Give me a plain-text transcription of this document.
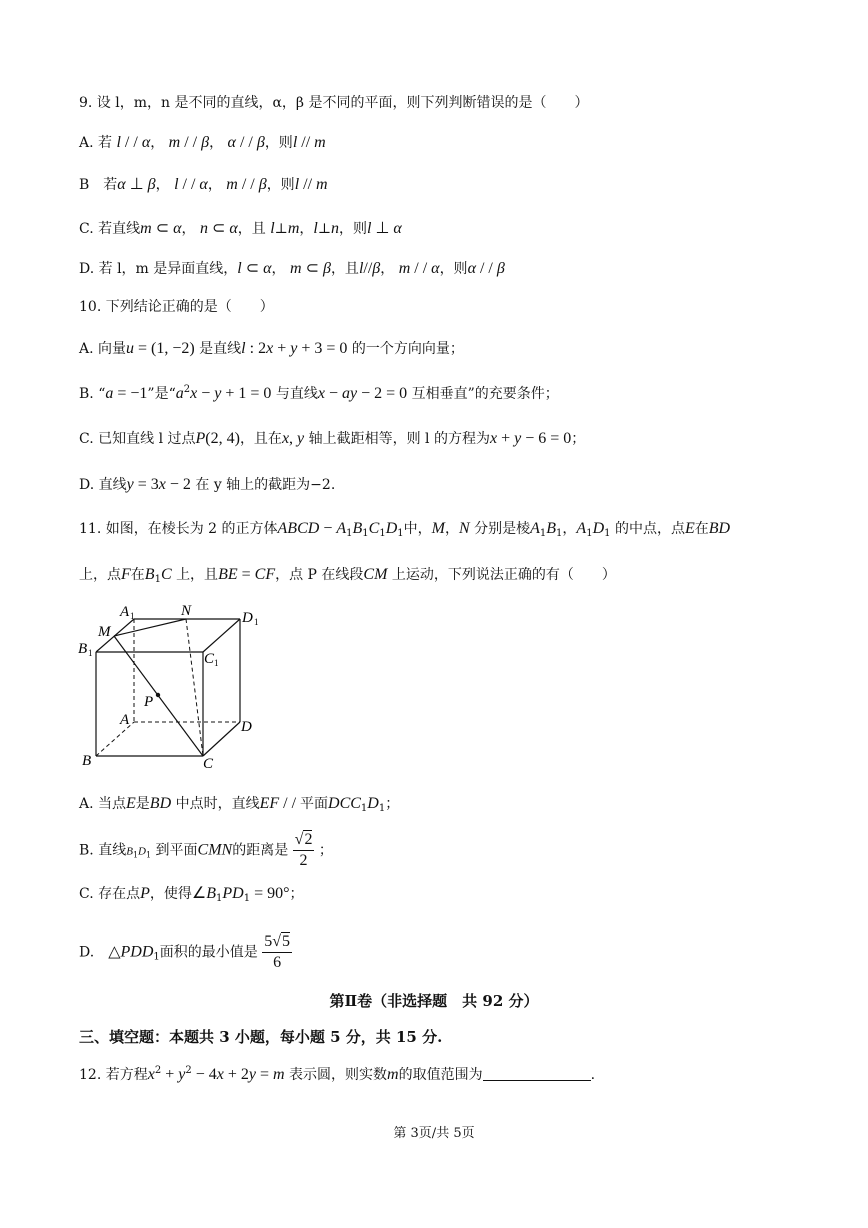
9. 设 l，m，n 是不同的直线，α，β 是不同的平面，则下列判断错误的是（　　）
A. 若 l / / α， m / / β， α / / β，则l // m
B　若α ⊥ β， l / / α， m / / β，则l // m
C. 若直线m ⊂ α， n ⊂ α，且 l⊥m，l⊥n，则l ⊥ α
D. 若 l，m 是异面直线，l ⊂ α， m ⊂ β，且l//β， m / / α，则α / / β
10. 下列结论正确的是（　　）
A. 向量u = (1, −2) 是直线l : 2x + y + 3 = 0 的一个方向向量；
B. “a = −1”是“$a^2x - y + 1 = 0$ 与直线x − ay − 2 = 0 互相垂直”的充要条件；
C. 已知直线 l 过点P(2, 4)，且在x, y 轴上截距相等，则 l 的方程为x + y − 6 = 0；
D. 直线y = 3x − 2 在 y 轴上的截距为−2.
11. 如图，在棱长为 2 的正方体ABCD − $A_1B_1C_1D_1$中，M，N 分别是棱$A_1B_1$，$A_1D_1$ 的中点，点E在BD
上，点F在$B_1C$ 上，且BE = CF，点 P 在线段CM 上运动，下列说法正确的有（　　）
A 1	N	D 1
M
B 1	C 1
P
A	D
B	C
A. 当点E是BD 中点时，直线EF / / 平面$DCC_1D_1$；
B. 直线$B_1D_1$ 到平面CMN的距离是 $\frac{√2}{2}$ ；
C. 存在点P，使得$\angle B_1PD_1 = 90^\circ$；
D.　 $\triangle PDD_1$面积的最小值是 $\frac{5√5}{6}$
第Ⅱ卷（非选择题　共 92 分）
三、填空题：本题共 3 小题，每小题 5 分，共 15 分.
12. 若方程$x^2 + y^2 - 4x + 2y = m$ 表示圆，则实数m的取值范围为	.
第 3页/共 5页
